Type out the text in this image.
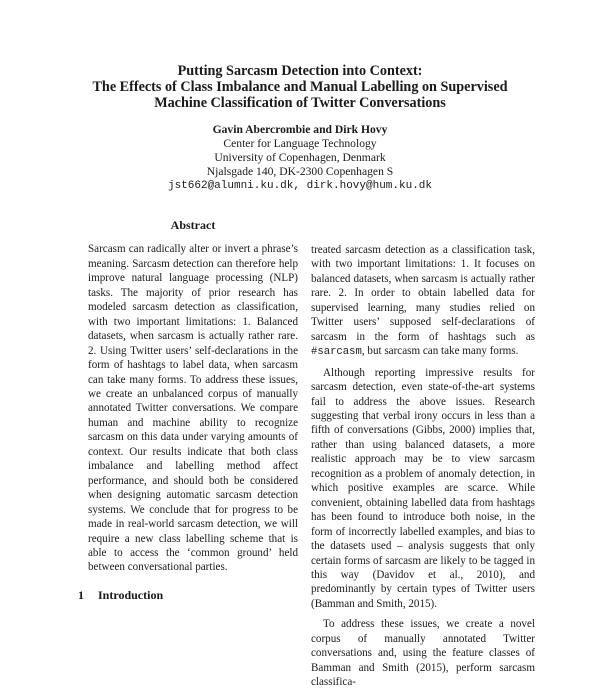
Putting Sarcasm Detection into Context:
The Effects of Class Imbalance and Manual Labelling on Supervised
Machine Classification of Twitter Conversations
Gavin Abercrombie and Dirk Hovy
Center for Language Technology
University of Copenhagen, Denmark
Njalsgade 140, DK-2300 Copenhagen S
jst662@alumni.ku.dk, dirk.hovy@hum.ku.dk
Abstract
Sarcasm can radically alter or invert a phrase’s meaning. Sarcasm detection can therefore help improve natural language processing (NLP) tasks. The majority of prior research has modeled sarcasm detection as classification, with two important limitations: 1. Balanced datasets, when sarcasm is actually rather rare. 2. Using Twitter users’ self-declarations in the form of hashtags to label data, when sarcasm can take many forms. To address these issues, we create an unbalanced corpus of manually annotated Twitter conversations. We compare human and machine ability to recognize sarcasm on this data under varying amounts of context. Our results indicate that both class imbalance and labelling method affect performance, and should both be considered when designing automatic sarcasm detection systems. We conclude that for progress to be made in real-world sarcasm detection, we will require a new class labelling scheme that is able to access the ‘common ground’ held between conversational parties.

treated sarcasm detection as a classification task, with two important limitations: 1. It focuses on balanced datasets, when sarcasm is actually rather rare. 2. In order to obtain labelled data for supervised learning, many studies relied on Twitter users’ supposed self-declarations of sarcasm in the form of hashtags such as #sarcasm, but sarcasm can take many forms.

Although reporting impressive results for sarcasm detection, even state-of-the-art systems fail to address the above issues. Research suggesting that verbal irony occurs in less than a fifth of conversations (Gibbs, 2000) implies that, rather than using balanced datasets, a more realistic approach may be to view sarcasm recognition as a problem of anomaly detection, in which positive examples are scarce. While convenient, obtaining labelled data from hashtags has been found to introduce both noise, in the form of incorrectly labelled examples, and bias to the datasets used – analysis suggests that only certain forms of sarcasm are likely to be tagged in this way (Davidov et al., 2010), and predominantly by certain types of Twitter users (Bamman and Smith, 2015).

To address these issues, we create a novel corpus of manually annotated Twitter conversations and, using the feature classes of Bamman and Smith (2015), perform sarcasm classifica-

1 Introduction
